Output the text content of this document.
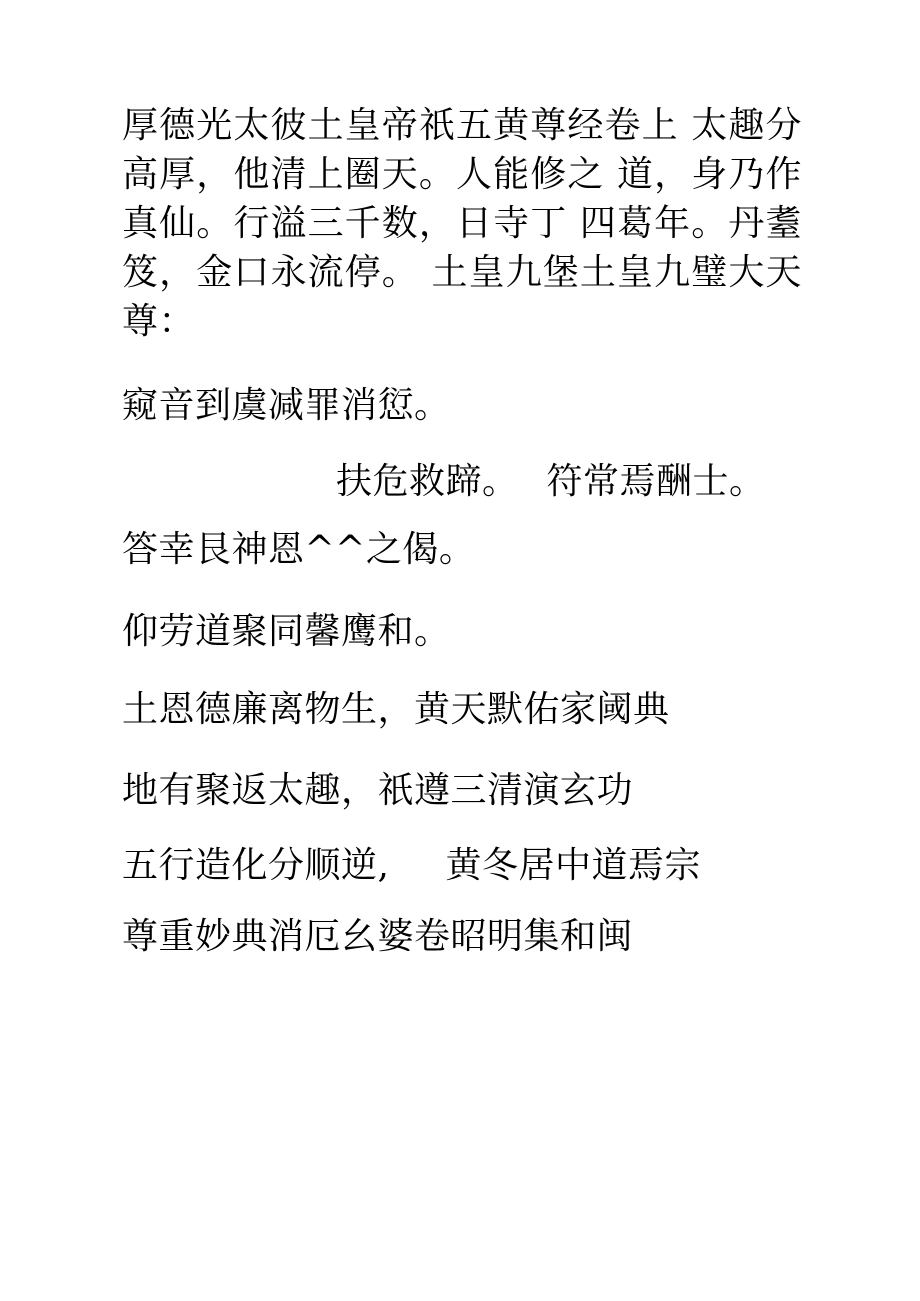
厚德光太彼土皇帝祇五黄尊经卷上 太趣分高厚，他清上圈天。人能修之 道，身乃作真仙。行溢三千数，日寺丁 四葛年。丹耋笈，金口永流停。 土皇九堡土皇九璧大天尊：
窥音到虞减罪消愆。
扶危救蹄。 符常焉酬士。
答幸艮神恩^^之偈。
仰劳道聚同馨鹰和。
土恩德廉离物生，黄天默佑家阈典
地有聚返太趣，祇遵三清演玄功
五行造化分顺逆, 黄冬居中道焉宗
尊重妙典消厄幺婆卷昭明集和闽
